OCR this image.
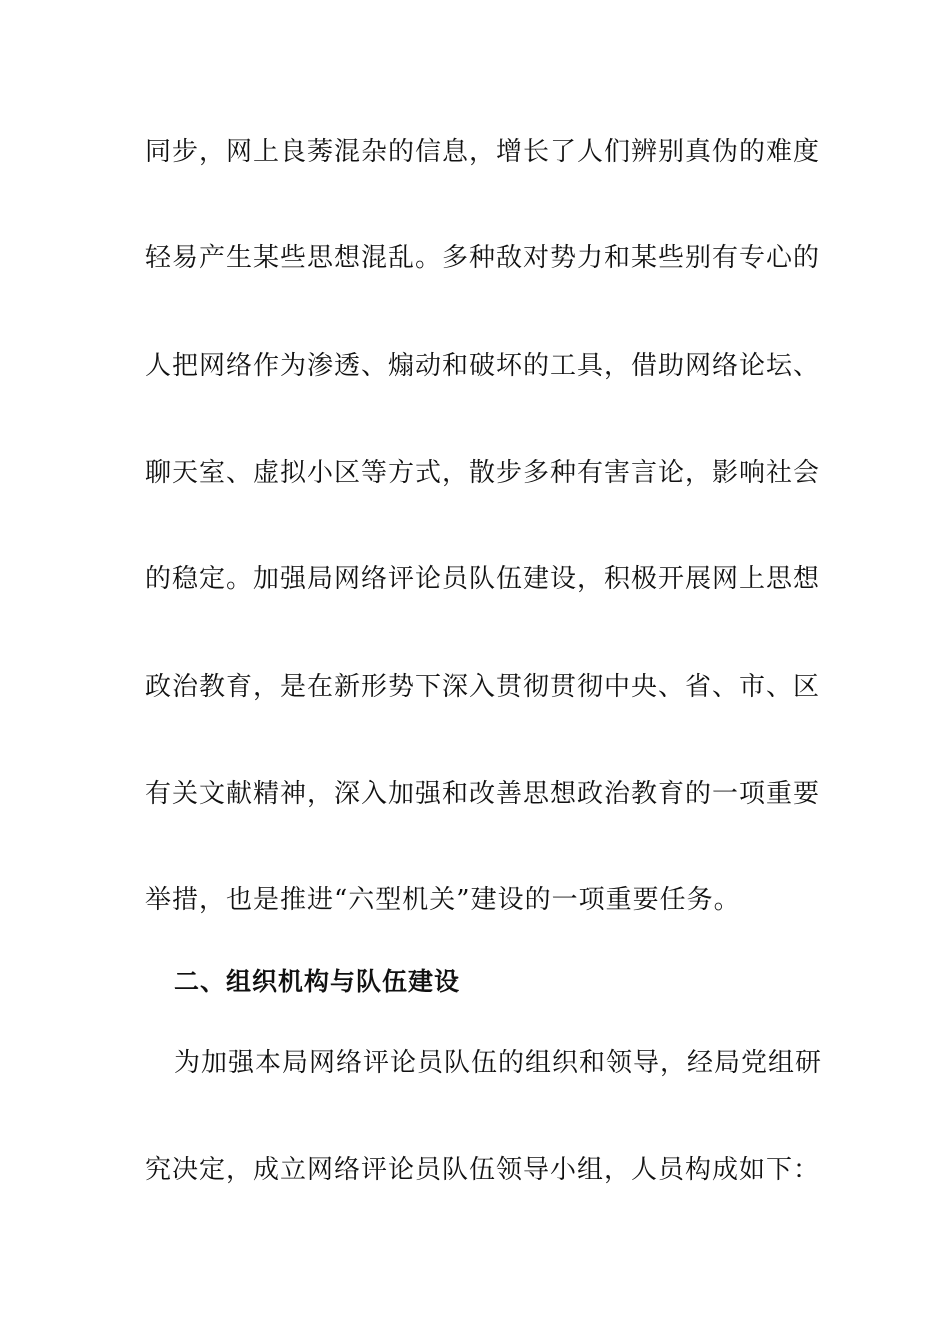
同步，网上良莠混杂的信息，增长了人们辨别真伪的难度
轻易产生某些思想混乱。多种敌对势力和某些别有专心的
人把网络作为渗透、煽动和破坏的工具，借助网络论坛、
聊天室、虚拟小区等方式，散步多种有害言论，影响社会
的稳定。加强局网络评论员队伍建设，积极开展网上思想
政治教育，是在新形势下深入贯彻贯彻中央、省、市、区
有关文献精神，深入加强和改善思想政治教育的一项重要
举措，也是推进“六型机关”建设的一项重要任务。
二、组织机构与队伍建设
为加强本局网络评论员队伍的组织和领导，经局党组研
究决定，成立网络评论员队伍领导小组，人员构成如下：
